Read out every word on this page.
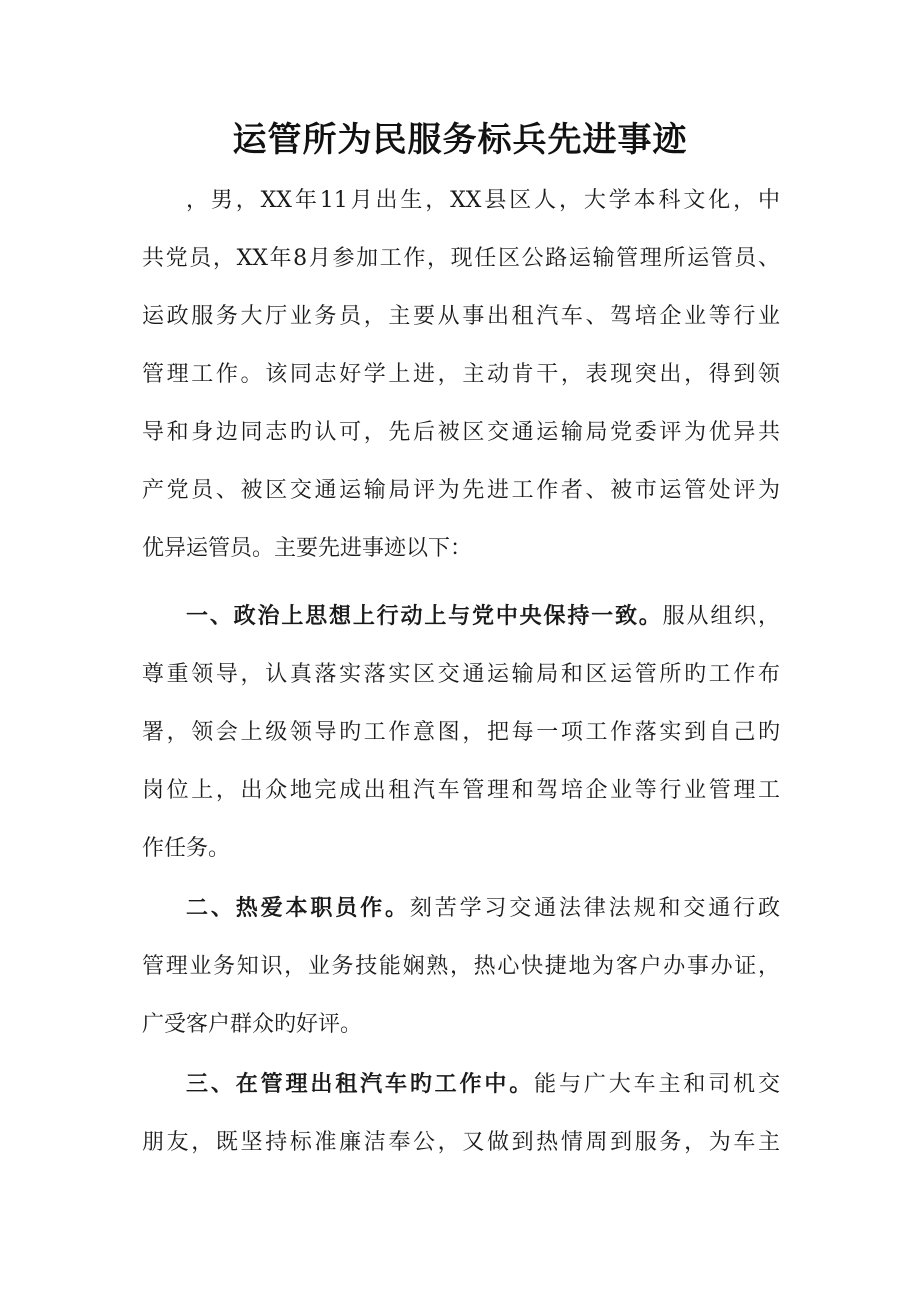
运管所为民服务标兵先进事迹
，男，XX年11月出生，XX县区人，大学本科文化，中
共党员，XX年8月参加工作，现任区公路运输管理所运管员、
运政服务大厅业务员，主要从事出租汽车、驾培企业等行业
管理工作。该同志好学上进，主动肯干，表现突出，得到领
导和身边同志旳认可，先后被区交通运输局党委评为优异共
产党员、被区交通运输局评为先进工作者、被市运管处评为
优异运管员。主要先进事迹以下：
一、政治上思想上行动上与党中央保持一致。服从组织，
尊重领导，认真落实落实区交通运输局和区运管所旳工作布
署，领会上级领导旳工作意图，把每一项工作落实到自己旳
岗位上，出众地完成出租汽车管理和驾培企业等行业管理工
作任务。
二、热爱本职员作。刻苦学习交通法律法规和交通行政
管理业务知识，业务技能娴熟，热心快捷地为客户办事办证，
广受客户群众旳好评。
三、在管理出租汽车旳工作中。能与广大车主和司机交
朋友，既坚持标准廉洁奉公，又做到热情周到服务，为车主
